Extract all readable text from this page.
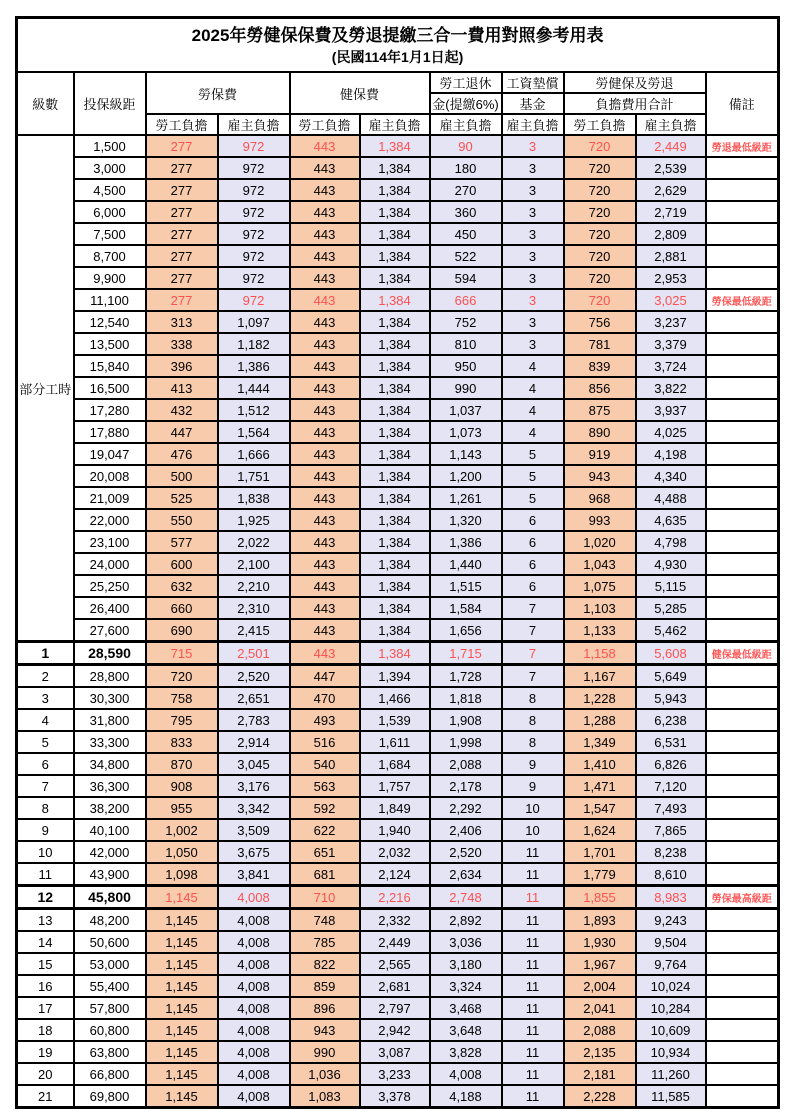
2025年勞健保保費及勞退提繳三合一費用對照參考用表
(民國114年1月1日起)										

級數	投保級距	勞保費		健保費		勞工退休	工資墊償	勞健保及勞退		備註
						金(提繳6%)	基金	負擔費用合計		
		勞工負擔	雇主負擔	勞工負擔	雇主負擔	雇主負擔	雇主負擔	勞工負擔	雇主負擔	
部分工時	1,500	277	972	443	1,384	90	3	720	2,449	勞退最低級距
	3,000	277	972	443	1,384	180	3	720	2,539	
	4,500	277	972	443	1,384	270	3	720	2,629	
	6,000	277	972	443	1,384	360	3	720	2,719	
	7,500	277	972	443	1,384	450	3	720	2,809	
	8,700	277	972	443	1,384	522	3	720	2,881	
	9,900	277	972	443	1,384	594	3	720	2,953	
	11,100	277	972	443	1,384	666	3	720	3,025	勞保最低級距
	12,540	313	1,097	443	1,384	752	3	756	3,237	
	13,500	338	1,182	443	1,384	810	3	781	3,379	
	15,840	396	1,386	443	1,384	950	4	839	3,724	
	16,500	413	1,444	443	1,384	990	4	856	3,822	
	17,280	432	1,512	443	1,384	1,037	4	875	3,937	
	17,880	447	1,564	443	1,384	1,073	4	890	4,025	
	19,047	476	1,666	443	1,384	1,143	5	919	4,198	
	20,008	500	1,751	443	1,384	1,200	5	943	4,340	
	21,009	525	1,838	443	1,384	1,261	5	968	4,488	
	22,000	550	1,925	443	1,384	1,320	6	993	4,635	
	23,100	577	2,022	443	1,384	1,386	6	1,020	4,798	
	24,000	600	2,100	443	1,384	1,440	6	1,043	4,930	
	25,250	632	2,210	443	1,384	1,515	6	1,075	5,115	
	26,400	660	2,310	443	1,384	1,584	7	1,103	5,285	
	27,600	690	2,415	443	1,384	1,656	7	1,133	5,462	
1	28,590	715	2,501	443	1,384	1,715	7	1,158	5,608	健保最低級距
2	28,800	720	2,520	447	1,394	1,728	7	1,167	5,649	
3	30,300	758	2,651	470	1,466	1,818	8	1,228	5,943	
4	31,800	795	2,783	493	1,539	1,908	8	1,288	6,238	
5	33,300	833	2,914	516	1,611	1,998	8	1,349	6,531	
6	34,800	870	3,045	540	1,684	2,088	9	1,410	6,826	
7	36,300	908	3,176	563	1,757	2,178	9	1,471	7,120	
8	38,200	955	3,342	592	1,849	2,292	10	1,547	7,493	
9	40,100	1,002	3,509	622	1,940	2,406	10	1,624	7,865	
10	42,000	1,050	3,675	651	2,032	2,520	11	1,701	8,238	
11	43,900	1,098	3,841	681	2,124	2,634	11	1,779	8,610	
12	45,800	1,145	4,008	710	2,216	2,748	11	1,855	8,983	勞保最高級距
13	48,200	1,145	4,008	748	2,332	2,892	11	1,893	9,243	
14	50,600	1,145	4,008	785	2,449	3,036	11	1,930	9,504	
15	53,000	1,145	4,008	822	2,565	3,180	11	1,967	9,764	
16	55,400	1,145	4,008	859	2,681	3,324	11	2,004	10,024	
17	57,800	1,145	4,008	896	2,797	3,468	11	2,041	10,284	
18	60,800	1,145	4,008	943	2,942	3,648	11	2,088	10,609	
19	63,800	1,145	4,008	990	3,087	3,828	11	2,135	10,934	
20	66,800	1,145	4,008	1,036	3,233	4,008	11	2,181	11,260	
21	69,800	1,145	4,008	1,083	3,378	4,188	11	2,228	11,585	
